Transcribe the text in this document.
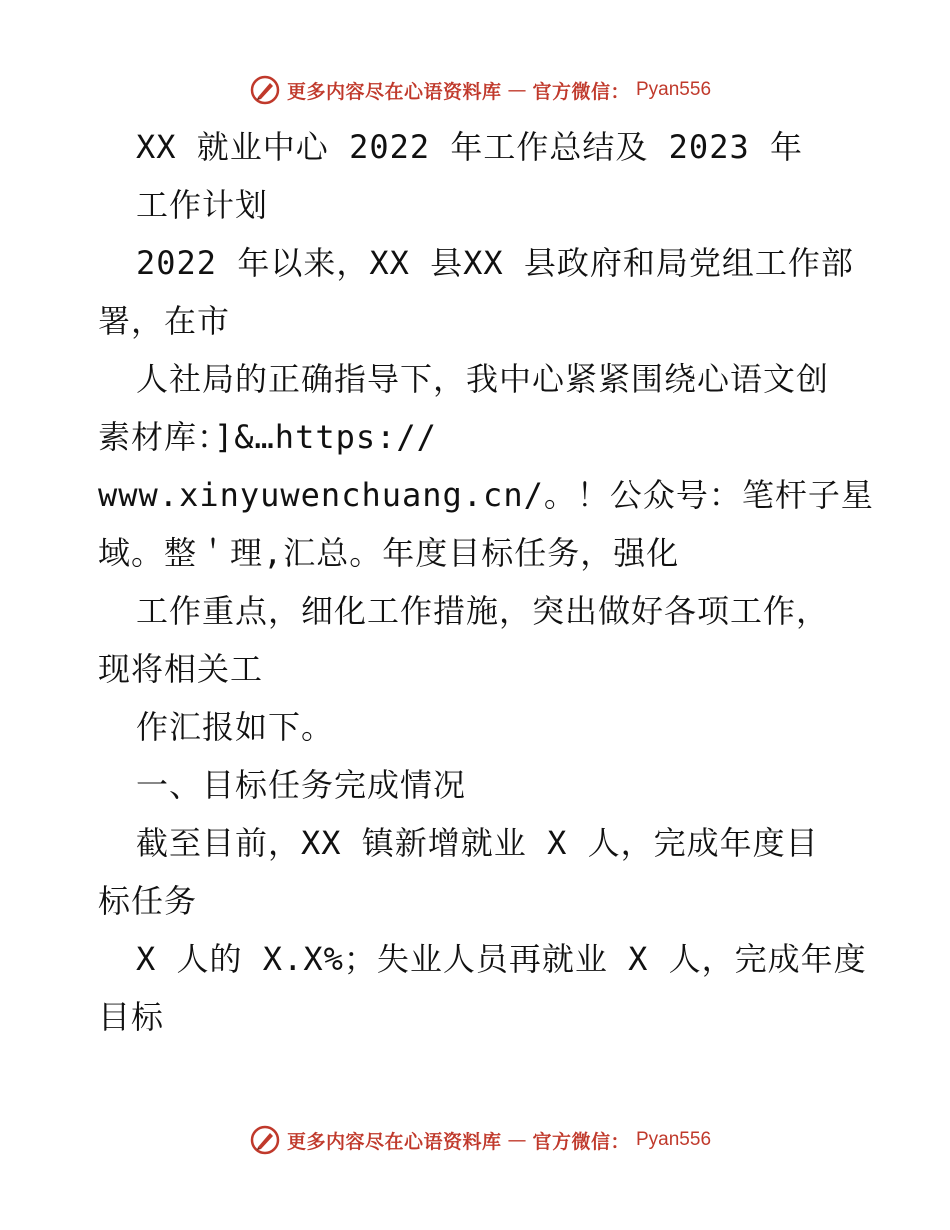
更多内容尽在心语资料库 — 官方微信： Pyan556
XX 就业中心 2022 年工作总结及 2023 年
工作计划
2022 年以来，XX 县XX 县政府和局党组工作部
署，在市
人社局的正确指导下，我中心紧紧围绕心语文创
素材库：]&…https://
www.xinyuwenchuang.cn/。！公众号：笔杆子星
域。整＇理,汇总。年度目标任务，强化
工作重点，细化工作措施，突出做好各项工作，
现将相关工
作汇报如下。
一、目标任务完成情况
截至目前，XX 镇新增就业 X 人，完成年度目
标任务
X 人的 X.X%；失业人员再就业 X 人，完成年度
目标
更多内容尽在心语资料库 — 官方微信： Pyan556
